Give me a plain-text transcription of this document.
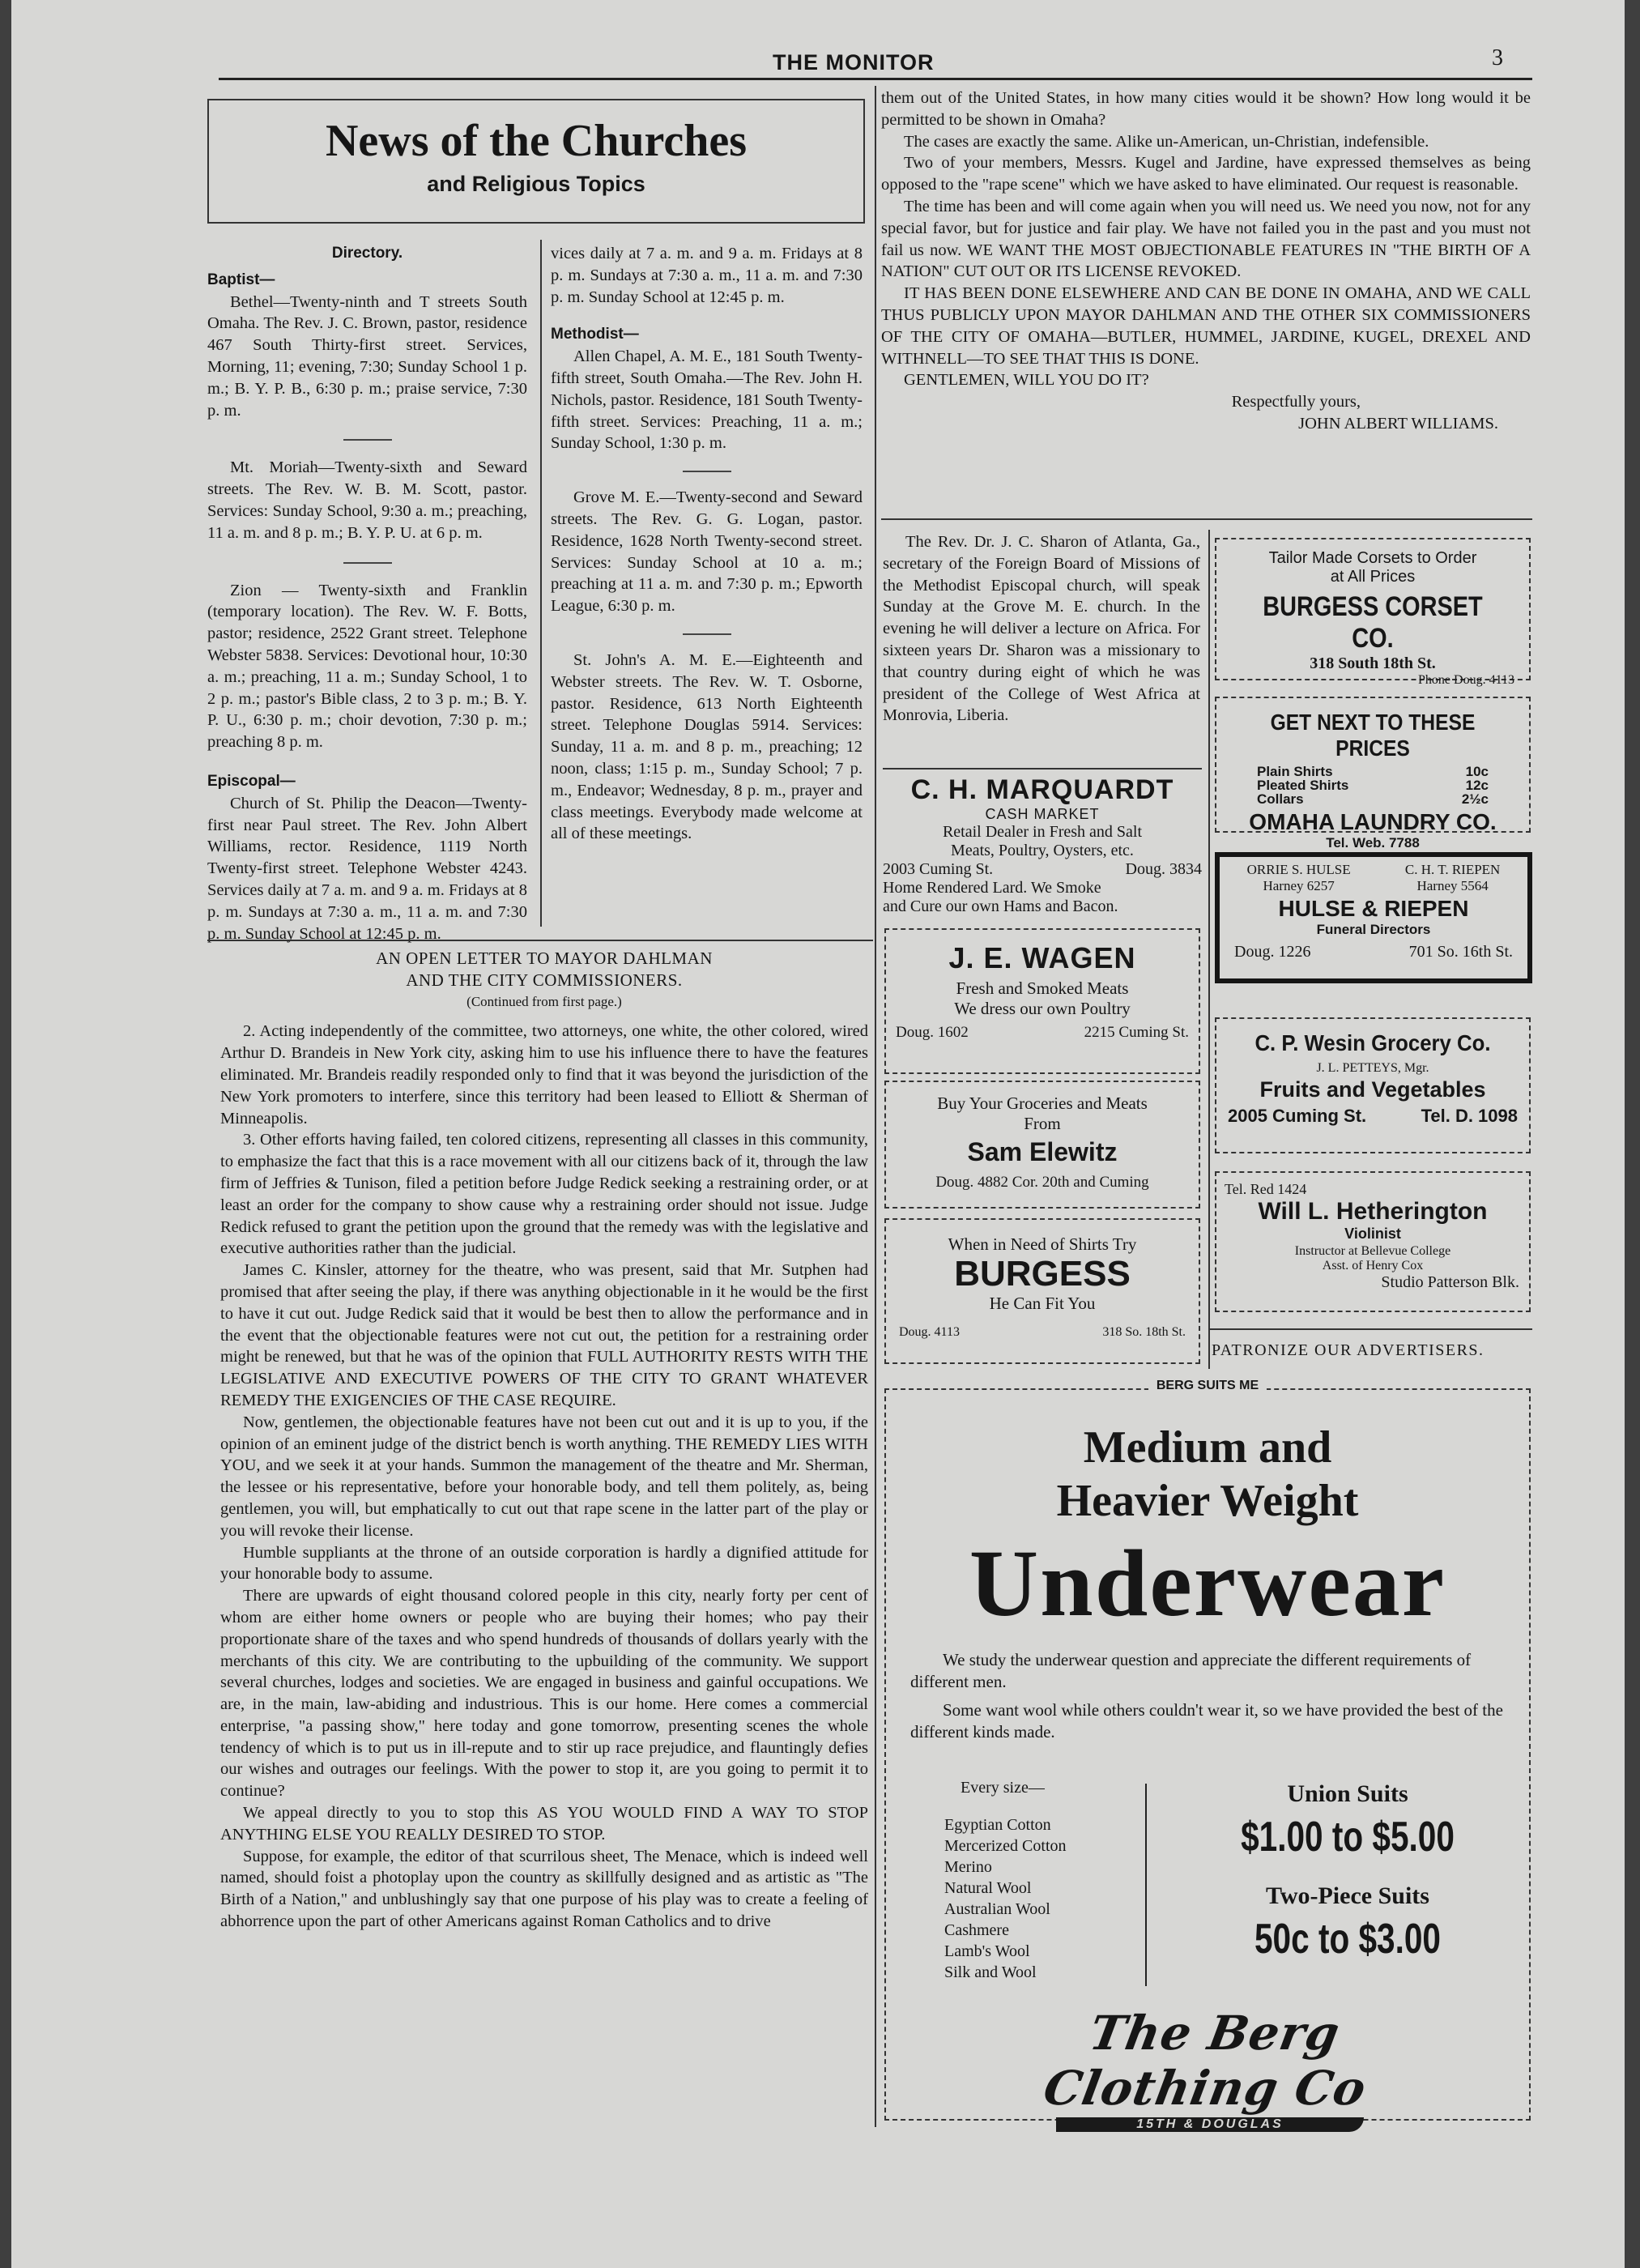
THE MONITOR	3
News of the Churches
and Religious Topics
Directory.
Baptist—

Bethel—Twenty-ninth and T streets South Omaha. The Rev. J. C. Brown, pastor, residence 467 South Thirty-first street. Services, Morning, 11; evening, 7:30; Sunday School 1 p. m.; B. Y. P. B., 6:30 p. m.; praise service, 7:30 p. m.

Mt. Moriah—Twenty-sixth and Seward streets. The Rev. W. B. M. Scott, pastor. Services: Sunday School, 9:30 a. m.; preaching, 11 a. m. and 8 p. m.; B. Y. P. U. at 6 p. m.

Zion — Twenty-sixth and Franklin (temporary location). The Rev. W. F. Botts, pastor; residence, 2522 Grant street. Telephone Webster 5838. Services: Devotional hour, 10:30 a. m.; preaching, 11 a. m.; Sunday School, 1 to 2 p. m.; pastor's Bible class, 2 to 3 p. m.; B. Y. P. U., 6:30 p. m.; choir devotion, 7:30 p. m.; preaching 8 p. m.

Episcopal—

Church of St. Philip the Deacon—Twenty-first near Paul street. The Rev. John Albert Williams, rector. Residence, 1119 North Twenty-first street. Telephone Webster 4243. Services daily at 7 a. m. and 9 a. m. Fridays at 8 p. m. Sundays at 7:30 a. m., 11 a. m. and 7:30 p. m. Sunday School at 12:45 p. m.

vices daily at 7 a. m. and 9 a. m. Fridays at 8 p. m. Sundays at 7:30 a. m., 11 a. m. and 7:30 p. m. Sunday School at 12:45 p. m.

Methodist—

Allen Chapel, A. M. E., 181 South Twenty-fifth street, South Omaha.—The Rev. John H. Nichols, pastor. Residence, 181 South Twenty-fifth street. Services: Preaching, 11 a. m.; Sunday School, 1:30 p. m.

Grove M. E.—Twenty-second and Seward streets. The Rev. G. G. Logan, pastor. Residence, 1628 North Twenty-second street. Services: Sunday School at 10 a. m.; preaching at 11 a. m. and 7:30 p. m.; Epworth League, 6:30 p. m.

St. John's A. M. E.—Eighteenth and Webster streets. The Rev. W. T. Osborne, pastor. Residence, 613 North Eighteenth street. Telephone Douglas 5914. Services: Sunday, 11 a. m. and 8 p. m., preaching; 12 noon, class; 1:15 p. m., Sunday School; 7 p. m., Endeavor; Wednesday, 8 p. m., prayer and class meetings. Everybody made welcome at all of these meetings.

AN OPEN LETTER TO MAYOR DAHLMAN
AND THE CITY COMMISSIONERS.
(Continued from first page.)

2. Acting independently of the committee, two attorneys, one white, the other colored, wired Arthur D. Brandeis in New York city, asking him to use his influence there to have the features eliminated. Mr. Brandeis readily responded only to find that it was beyond the jurisdiction of the New York promoters to interfere, since this territory had been leased to Elliott & Sherman of Minneapolis.

3. Other efforts having failed, ten colored citizens, representing all classes in this community, to emphasize the fact that this is a race movement with all our citizens back of it, through the law firm of Jeffries & Tunison, filed a petition before Judge Redick seeking a restraining order, or at least an order for the company to show cause why a restraining order should not issue. Judge Redick refused to grant the petition upon the ground that the remedy was with the legislative and executive authorities rather than the judicial.

James C. Kinsler, attorney for the theatre, who was present, said that Mr. Sutphen had promised that after seeing the play, if there was anything objectionable in it he would be the first to have it cut out. Judge Redick said that it would be best then to allow the performance and in the event that the objectionable features were not cut out, the petition for a restraining order might be renewed, but that he was of the opinion that FULL AUTHORITY RESTS WITH THE LEGISLATIVE AND EXECUTIVE POWERS OF THE CITY TO GRANT WHATEVER REMEDY THE EXIGENCIES OF THE CASE REQUIRE.

Now, gentlemen, the objectionable features have not been cut out and it is up to you, if the opinion of an eminent judge of the district bench is worth anything. THE REMEDY LIES WITH YOU, and we seek it at your hands. Summon the management of the theatre and Mr. Sherman, the lessee or his representative, before your honorable body, and tell them politely, as, being gentlemen, you will, but emphatically to cut out that rape scene in the latter part of the play or you will revoke their license.

Humble suppliants at the throne of an outside corporation is hardly a dignified attitude for your honorable body to assume.

There are upwards of eight thousand colored people in this city, nearly forty per cent of whom are either home owners or people who are buying their homes; who pay their proportionate share of the taxes and who spend hundreds of thousands of dollars yearly with the merchants of this city. We are contributing to the upbuilding of the community. We support several churches, lodges and societies. We are engaged in business and gainful occupations. We are, in the main, law-abiding and industrious. This is our home. Here comes a commercial enterprise, "a passing show," here today and gone tomorrow, presenting scenes the whole tendency of which is to put us in ill-repute and to stir up race prejudice, and flauntingly defies our wishes and outrages our feelings. With the power to stop it, are you going to permit it to continue?

We appeal directly to you to stop this AS YOU WOULD FIND A WAY TO STOP ANYTHING ELSE YOU REALLY DESIRED TO STOP.

Suppose, for example, the editor of that scurrilous sheet, The Menace, which is indeed well named, should foist a photoplay upon the country as skillfully designed and as artistic as "The Birth of a Nation," and unblushingly say that one purpose of his play was to create a feeling of abhorrence upon the part of other Americans against Roman Catholics and to drive

them out of the United States, in how many cities would it be shown? How long would it be permitted to be shown in Omaha?

The cases are exactly the same. Alike un-American, un-Christian, indefensible.

Two of your members, Messrs. Kugel and Jardine, have expressed themselves as being opposed to the "rape scene" which we have asked to have eliminated. Our request is reasonable.

The time has been and will come again when you will need us. We need you now, not for any special favor, but for justice and fair play. We have not failed you in the past and you must not fail us now. WE WANT THE MOST OBJECTIONABLE FEATURES IN "THE BIRTH OF A NATION" CUT OUT OR ITS LICENSE REVOKED.

IT HAS BEEN DONE ELSEWHERE AND CAN BE DONE IN OMAHA, AND WE CALL THUS PUBLICLY UPON MAYOR DAHLMAN AND THE OTHER SIX COMMISSIONERS OF THE CITY OF OMAHA—BUTLER, HUMMEL, JARDINE, KUGEL, DREXEL AND WITHNELL—TO SEE THAT THIS IS DONE.

GENTLEMEN, WILL YOU DO IT?

Respectfully yours,
JOHN ALBERT WILLIAMS.

The Rev. Dr. J. C. Sharon of Atlanta, Ga., secretary of the Foreign Board of Missions of the Methodist Episcopal church, will speak Sunday at the Grove M. E. church. In the evening he will deliver a lecture on Africa. For sixteen years Dr. Sharon was a missionary to that country during eight of which he was president of the College of West Africa at Monrovia, Liberia.

C. H. MARQUARDT
CASH MARKET
Retail Dealer in Fresh and Salt
Meats, Poultry, Oysters, etc.
2003 Cuming St.	Doug. 3834
Home Rendered Lard. We Smoke
and Cure our own Hams and Bacon.
J. E. WAGEN
Fresh and Smoked Meats
We dress our own Poultry
Doug. 1602	2215 Cuming St.
Buy Your Groceries and Meats
From
Sam Elewitz
Doug. 4882 Cor. 20th and Cuming
When in Need of Shirts Try
BURGESS
He Can Fit You
Doug. 4113	318 So. 18th St.
Tailor Made Corsets to Order
at All Prices
BURGESS CORSET CO.
318 South 18th St.
Phone Doug. 4113
GET NEXT TO THESE PRICES
Plain Shirts	10c
Pleated Shirts	12c
Collars	2½c
OMAHA LAUNDRY CO.
Tel. Web. 7788
ORRIE S. HULSE
Harney 6257
C. H. T. RIEPEN
Harney 5564
HULSE & RIEPEN
Funeral Directors
Doug. 1226	701 So. 16th St.
C. P. Wesin Grocery Co.
J. L. PETTEYS, Mgr.
Fruits and Vegetables
2005 Cuming St.	Tel. D. 1098
Tel. Red 1424
Will L. Hetherington
Violinist
Instructor at Bellevue College
Asst. of Henry Cox
Studio Patterson Blk.
PATRONIZE OUR ADVERTISERS.
BERG SUITS ME
Medium and
Heavier Weight
Underwear
We study the underwear question and appreciate the different requirements of different men.
Some want wool while others couldn't wear it, so we have provided the best of the different kinds made.
Every size—
Egyptian Cotton
Mercerized Cotton
Merino
Natural Wool
Australian Wool
Cashmere
Lamb's Wool
Silk and Wool
Union Suits
$1.00 to $5.00
Two-Piece Suits
50c to $3.00
The Berg Clothing Co
15TH & DOUGLAS
